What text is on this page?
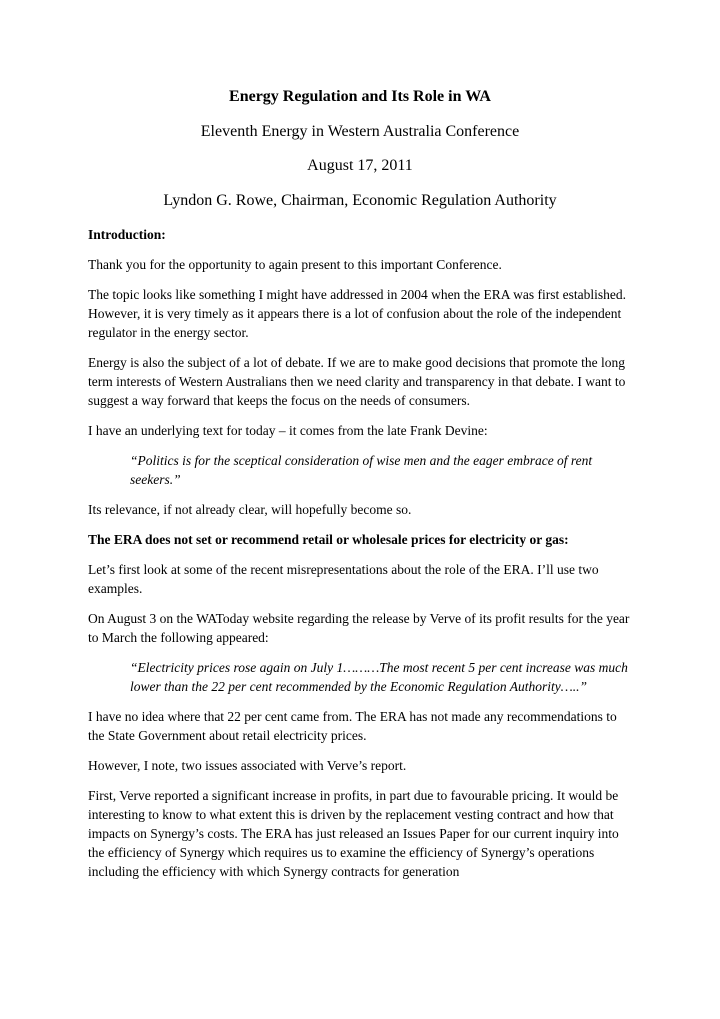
Energy Regulation and Its Role in WA
Eleventh Energy in Western Australia Conference
August 17, 2011
Lyndon G. Rowe, Chairman, Economic Regulation Authority
Introduction:

Thank you for the opportunity to again present to this important Conference.

The topic looks like something I might have addressed in 2004 when the ERA was first established. However, it is very timely as it appears there is a lot of confusion about the role of the independent regulator in the energy sector.

Energy is also the subject of a lot of debate. If we are to make good decisions that promote the long term interests of Western Australians then we need clarity and transparency in that debate. I want to suggest a way forward that keeps the focus on the needs of consumers.

I have an underlying text for today – it comes from the late Frank Devine:

“Politics is for the sceptical consideration of wise men and the eager embrace of rent seekers.”

Its relevance, if not already clear, will hopefully become so.

The ERA does not set or recommend retail or wholesale prices for electricity or gas:

Let’s first look at some of the recent misrepresentations about the role of the ERA. I’ll use two examples.

On August 3 on the WAToday website regarding the release by Verve of its profit results for the year to March the following appeared:

“Electricity prices rose again on July 1………The most recent 5 per cent increase was much lower than the 22 per cent recommended by the Economic Regulation Authority…..”

I have no idea where that 22 per cent came from. The ERA has not made any recommendations to the State Government about retail electricity prices.

However, I note, two issues associated with Verve’s report.

First, Verve reported a significant increase in profits, in part due to favourable pricing. It would be interesting to know to what extent this is driven by the replacement vesting contract and how that impacts on Synergy’s costs. The ERA has just released an Issues Paper for our current inquiry into the efficiency of Synergy which requires us to examine the efficiency of Synergy’s operations including the efficiency with which Synergy contracts for generation
